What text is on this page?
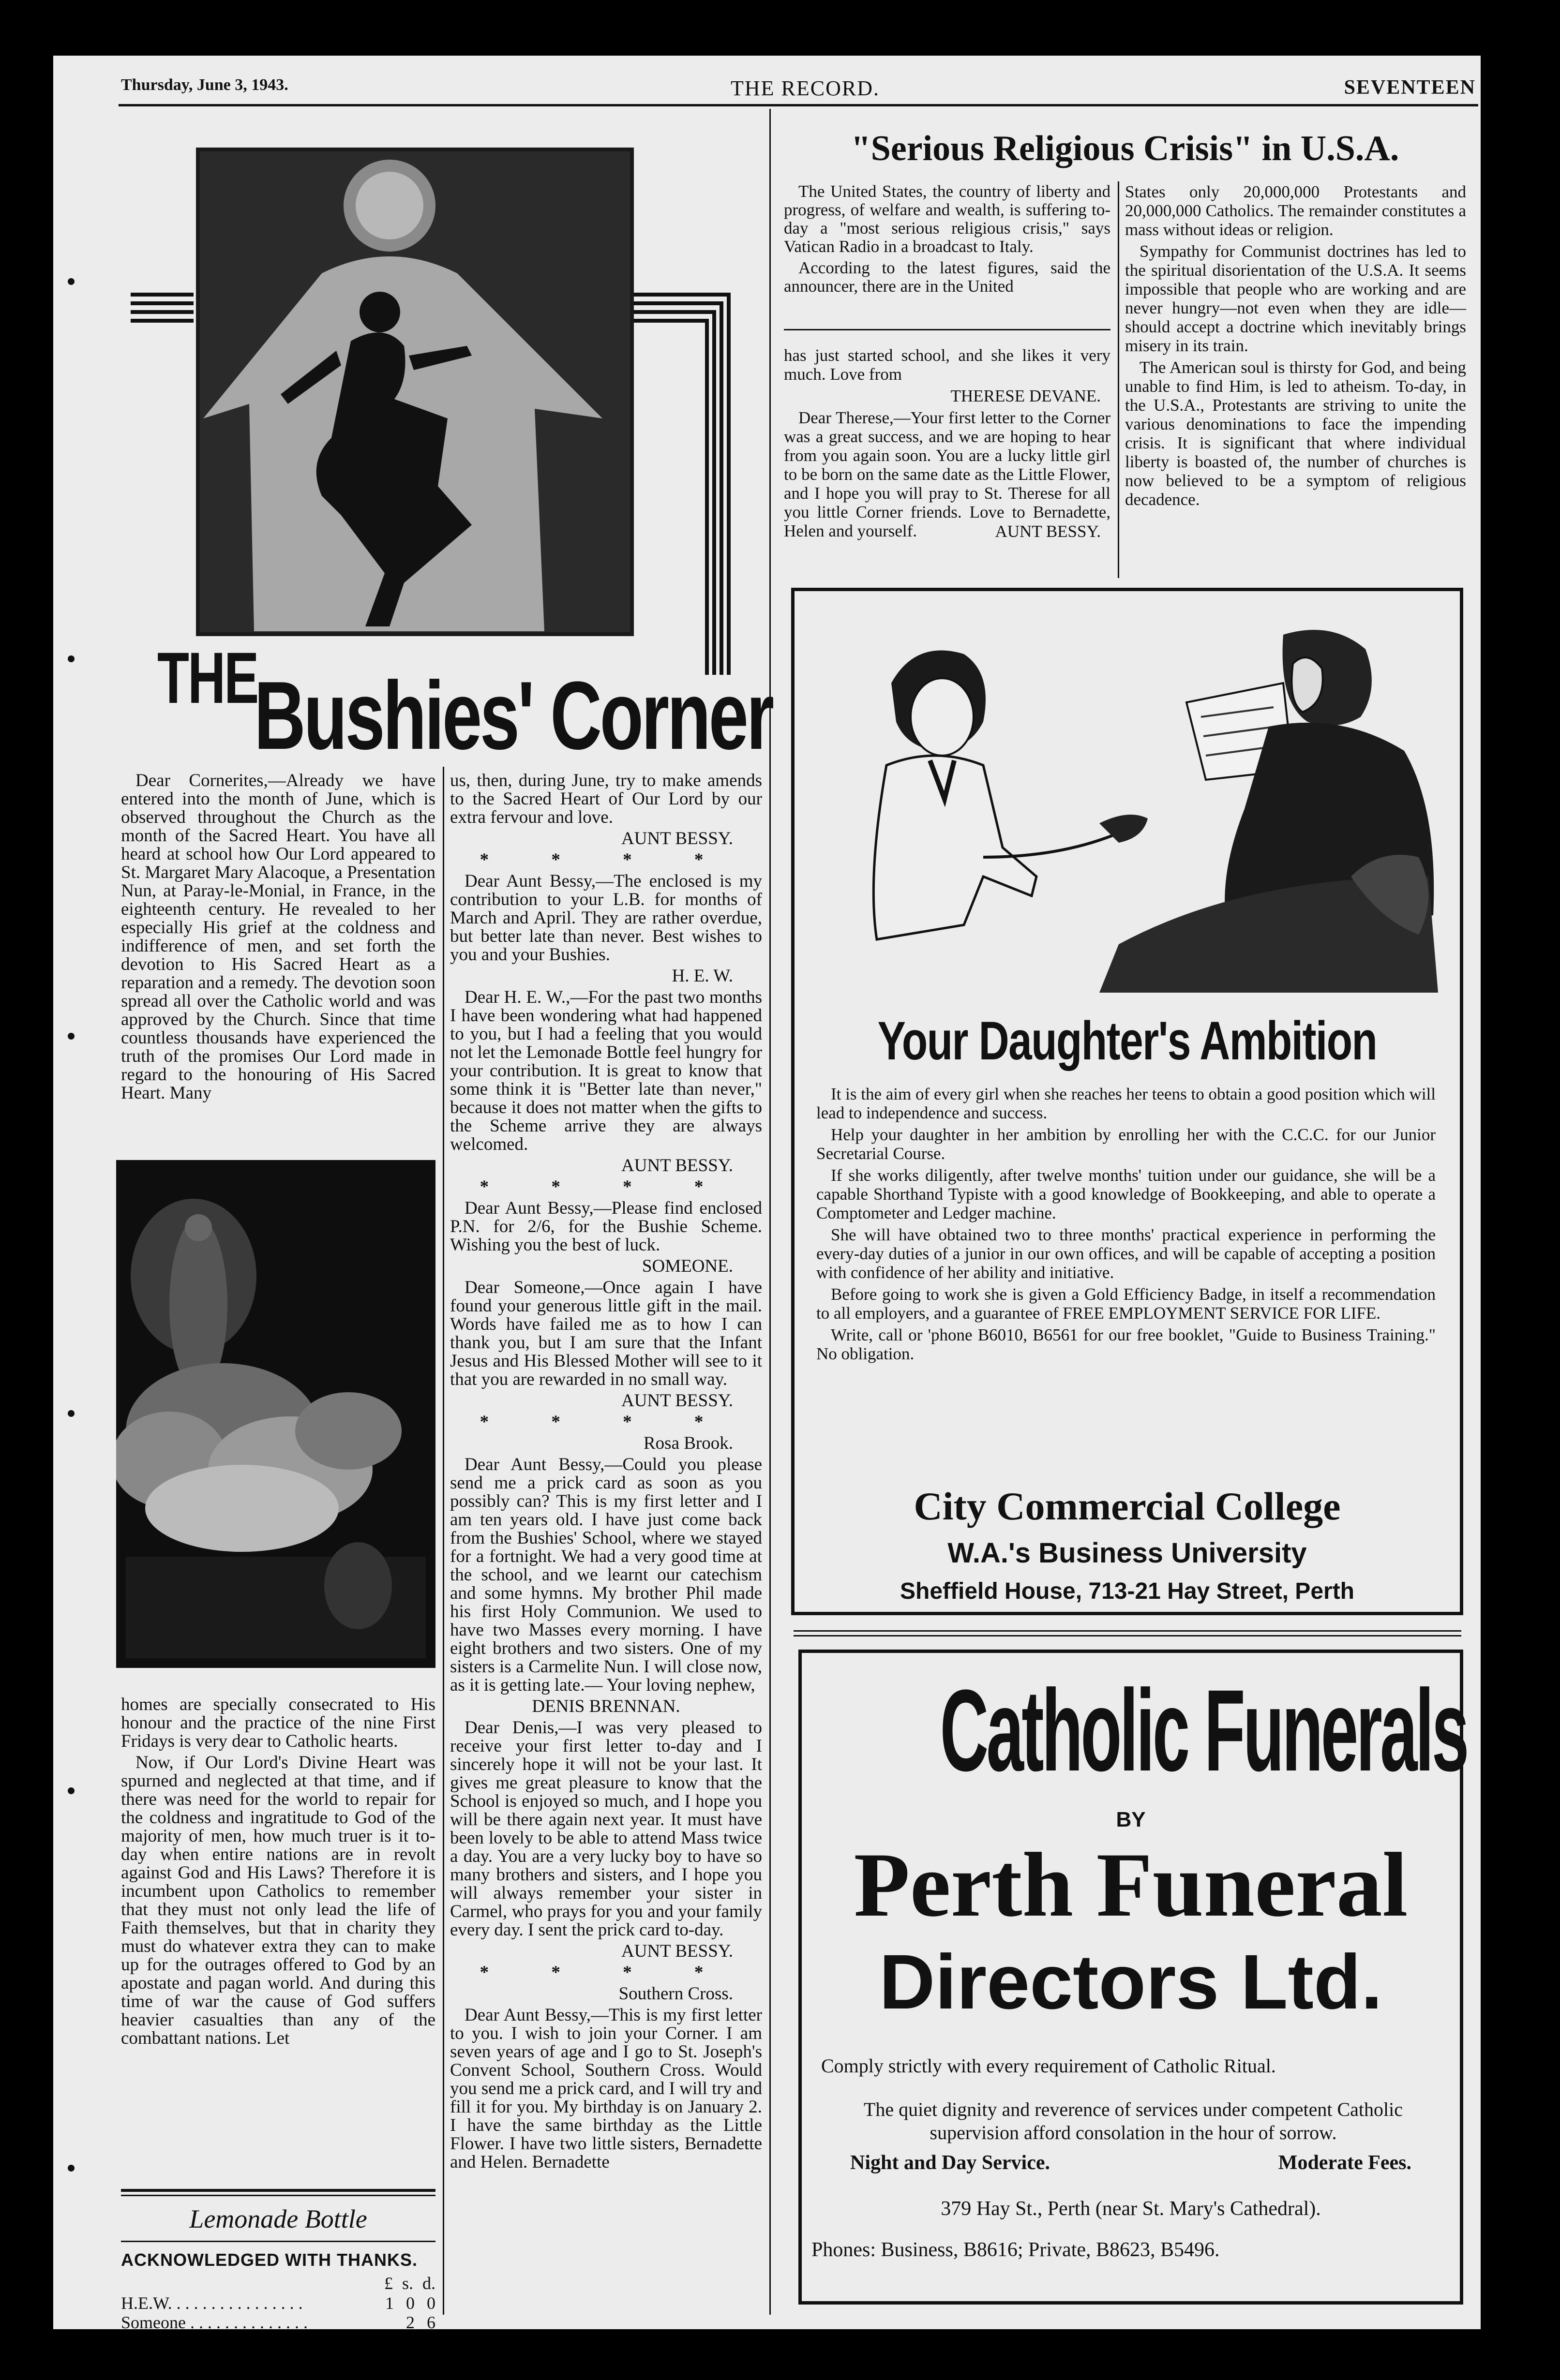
Thursday, June 3, 1943.	THE RECORD.	SEVENTEEN
THE
Bushies' Corner

Dear Cornerites,—Already we have entered into the month of June, which is observed throughout the Church as the month of the Sacred Heart. You have all heard at school how Our Lord appeared to St. Margaret Mary Alacoque, a Presentation Nun, at Paray-le-Monial, in France, in the eighteenth century. He revealed to her especially His grief at the coldness and indifference of men, and set forth the devotion to His Sacred Heart as a reparation and a remedy. The devotion soon spread all over the Catholic world and was approved by the Church. Since that time countless thousands have experienced the truth of the promises Our Lord made in regard to the honouring of His Sacred Heart. Many

homes are specially consecrated to His honour and the practice of the nine First Fridays is very dear to Catholic hearts.

Now, if Our Lord's Divine Heart was spurned and neglected at that time, and if there was need for the world to repair for the coldness and ingratitude to God of the majority of men, how much truer is it to-day when entire nations are in revolt against God and His Laws? Therefore it is incumbent upon Catholics to remember that they must not only lead the life of Faith themselves, but that in charity they must do whatever extra they can to make up for the outrages offered to God by an apostate and pagan world. And during this time of war the cause of God suffers heavier casualties than any of the combattant nations. Let

Lemonade Bottle
ACKNOWLEDGED WITH THANKS.
£ s. d.
H.E.W. . . . . . . . . . . . . . . .	1 0 0
Someone . . . . . . . . . . . . . .	2 6

us, then, during June, try to make amends to the Sacred Heart of Our Lord by our extra fervour and love.

AUNT BESSY.
* * * *

Dear Aunt Bessy,—The enclosed is my contribution to your L.B. for months of March and April. They are rather overdue, but better late than never. Best wishes to you and your Bushies.

H. E. W.

Dear H. E. W.,—For the past two months I have been wondering what had happened to you, but I had a feeling that you would not let the Lemonade Bottle feel hungry for your contribution. It is great to know that some think it is "Better late than never," because it does not matter when the gifts to the Scheme arrive they are always welcomed.

AUNT BESSY.
* * * *

Dear Aunt Bessy,—Please find enclosed P.N. for 2/6, for the Bushie Scheme. Wishing you the best of luck.

SOMEONE.

Dear Someone,—Once again I have found your generous little gift in the mail. Words have failed me as to how I can thank you, but I am sure that the Infant Jesus and His Blessed Mother will see to it that you are rewarded in no small way.

AUNT BESSY.
* * * *
Rosa Brook.

Dear Aunt Bessy,—Could you please send me a prick card as soon as you possibly can? This is my first letter and I am ten years old. I have just come back from the Bushies' School, where we stayed for a fortnight. We had a very good time at the school, and we learnt our catechism and some hymns. My brother Phil made his first Holy Communion. We used to have two Masses every morning. I have eight brothers and two sisters. One of my sisters is a Carmelite Nun. I will close now, as it is getting late.— Your loving nephew,

DENIS BRENNAN.

Dear Denis,—I was very pleased to receive your first letter to-day and I sincerely hope it will not be your last. It gives me great pleasure to know that the School is enjoyed so much, and I hope you will be there again next year. It must have been lovely to be able to attend Mass twice a day. You are a very lucky boy to have so many brothers and sisters, and I hope you will always remember your sister in Carmel, who prays for you and your family every day. I sent the prick card to-day.

AUNT BESSY.
* * * *
Southern Cross.

Dear Aunt Bessy,—This is my first letter to you. I wish to join your Corner. I am seven years of age and I go to St. Joseph's Convent School, Southern Cross. Would you send me a prick card, and I will try and fill it for you. My birthday is on January 2. I have the same birthday as the Little Flower. I have two little sisters, Bernadette and Helen. Bernadette

"Serious Religious Crisis" in U.S.A.

The United States, the country of liberty and progress, of welfare and wealth, is suffering to-day a "most serious religious crisis," says Vatican Radio in a broadcast to Italy.

According to the latest figures, said the announcer, there are in the United

has just started school, and she likes it very much. Love from

THERESE DEVANE.

Dear Therese,—Your first letter to the Corner was a great success, and we are hoping to hear from you again soon. You are a lucky little girl to be born on the same date as the Little Flower, and I hope you will pray to St. Therese for all you little Corner friends. Love to Bernadette, Helen and yourself.	AUNT BESSY.

States only 20,000,000 Protestants and 20,000,000 Catholics. The remainder constitutes a mass without ideas or religion.

Sympathy for Communist doctrines has led to the spiritual disorientation of the U.S.A. It seems impossible that people who are working and are never hungry—not even when they are idle—should accept a doctrine which inevitably brings misery in its train.

The American soul is thirsty for God, and being unable to find Him, is led to atheism. To-day, in the U.S.A., Protestants are striving to unite the various denominations to face the impending crisis. It is significant that where individual liberty is boasted of, the number of churches is now believed to be a symptom of religious decadence.

Your Daughter's Ambition

It is the aim of every girl when she reaches her teens to obtain a good position which will lead to independence and success.

Help your daughter in her ambition by enrolling her with the C.C.C. for our Junior Secretarial Course.

If she works diligently, after twelve months' tuition under our guidance, she will be a capable Shorthand Typiste with a good knowledge of Bookkeeping, and able to operate a Comptometer and Ledger machine.

She will have obtained two to three months' practical experience in performing the every-day duties of a junior in our own offices, and will be capable of accepting a position with confidence of her ability and initiative.

Before going to work she is given a Gold Efficiency Badge, in itself a recommendation to all employers, and a guarantee of FREE EMPLOYMENT SERVICE FOR LIFE.

Write, call or 'phone B6010, B6561 for our free booklet, "Guide to Business Training." No obligation.

City Commercial College
W.A.'s Business University
Sheffield House, 713-21 Hay Street, Perth
Catholic Funerals
BY
Perth Funeral
Directors Ltd.
Comply strictly with every requirement of Catholic Ritual.
The quiet dignity and reverence of services under competent Catholic supervision afford consolation in the hour of sorrow.
Night and Day Service.	Moderate Fees.
379 Hay St., Perth (near St. Mary's Cathedral).
Phones: Business, B8616; Private, B8623, B5496.
